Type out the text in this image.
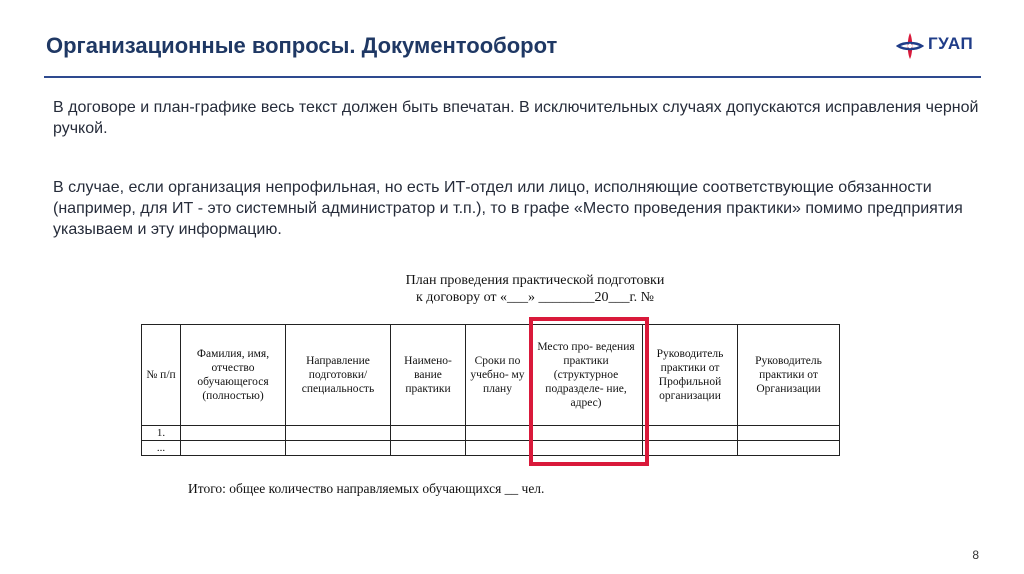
Организационные вопросы. Документооборот	ГУАП
В договоре и план-графике весь текст должен быть впечатан. В исключительных случаях допускаются исправления черной ручкой.
В случае, если организация непрофильная, но есть ИТ-отдел или лицо, исполняющие соответствующие обязанности (например, для ИТ - это системный администратор и т.п.), то в графе «Место проведения практики» помимо предприятия указываем и эту информацию.
План проведения практической подготовки
к договору от «___» ________20___г. №
№ п/п	Фамилия, имя, отчество обучающегося (полностью)	Направление подготовки/ специальность	Наимено- вание практики	Сроки по учебно- му плану	Место про- ведения практики (структурное подразделе- ние, адрес)	Руководитель практики от Профильной организации	Руководитель практики от Организации
1.							
...							
Итого: общее количество направляемых обучающихся __ чел.
8
